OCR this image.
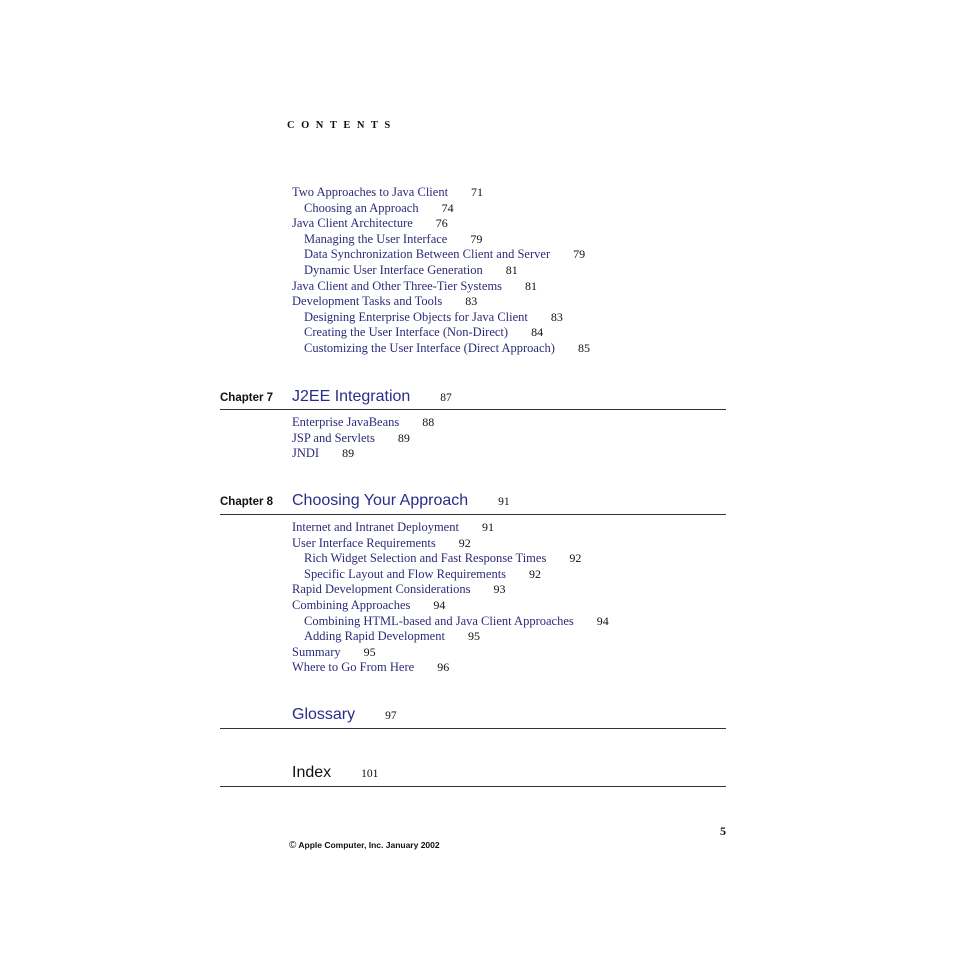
CONTENTS
Two Approaches to Java Client 71
Choosing an Approach 74
Java Client Architecture 76
Managing the User Interface 79
Data Synchronization Between Client and Server 79
Dynamic User Interface Generation 81
Java Client and Other Three-Tier Systems 81
Development Tasks and Tools 83
Designing Enterprise Objects for Java Client 83
Creating the User Interface (Non-Direct) 84
Customizing the User Interface (Direct Approach) 85
Chapter 7 J2EE Integration	87
Enterprise JavaBeans 88
JSP and Servlets 89
JNDI 89
Chapter 8 Choosing Your Approach	91
Internet and Intranet Deployment 91
User Interface Requirements 92
Rich Widget Selection and Fast Response Times 92
Specific Layout and Flow Requirements 92
Rapid Development Considerations 93
Combining Approaches 94
Combining HTML-based and Java Client Approaches 94
Adding Rapid Development 95
Summary 95
Where to Go From Here 96
Glossary	97
Index	101
5
© Apple Computer, Inc. January 2002
